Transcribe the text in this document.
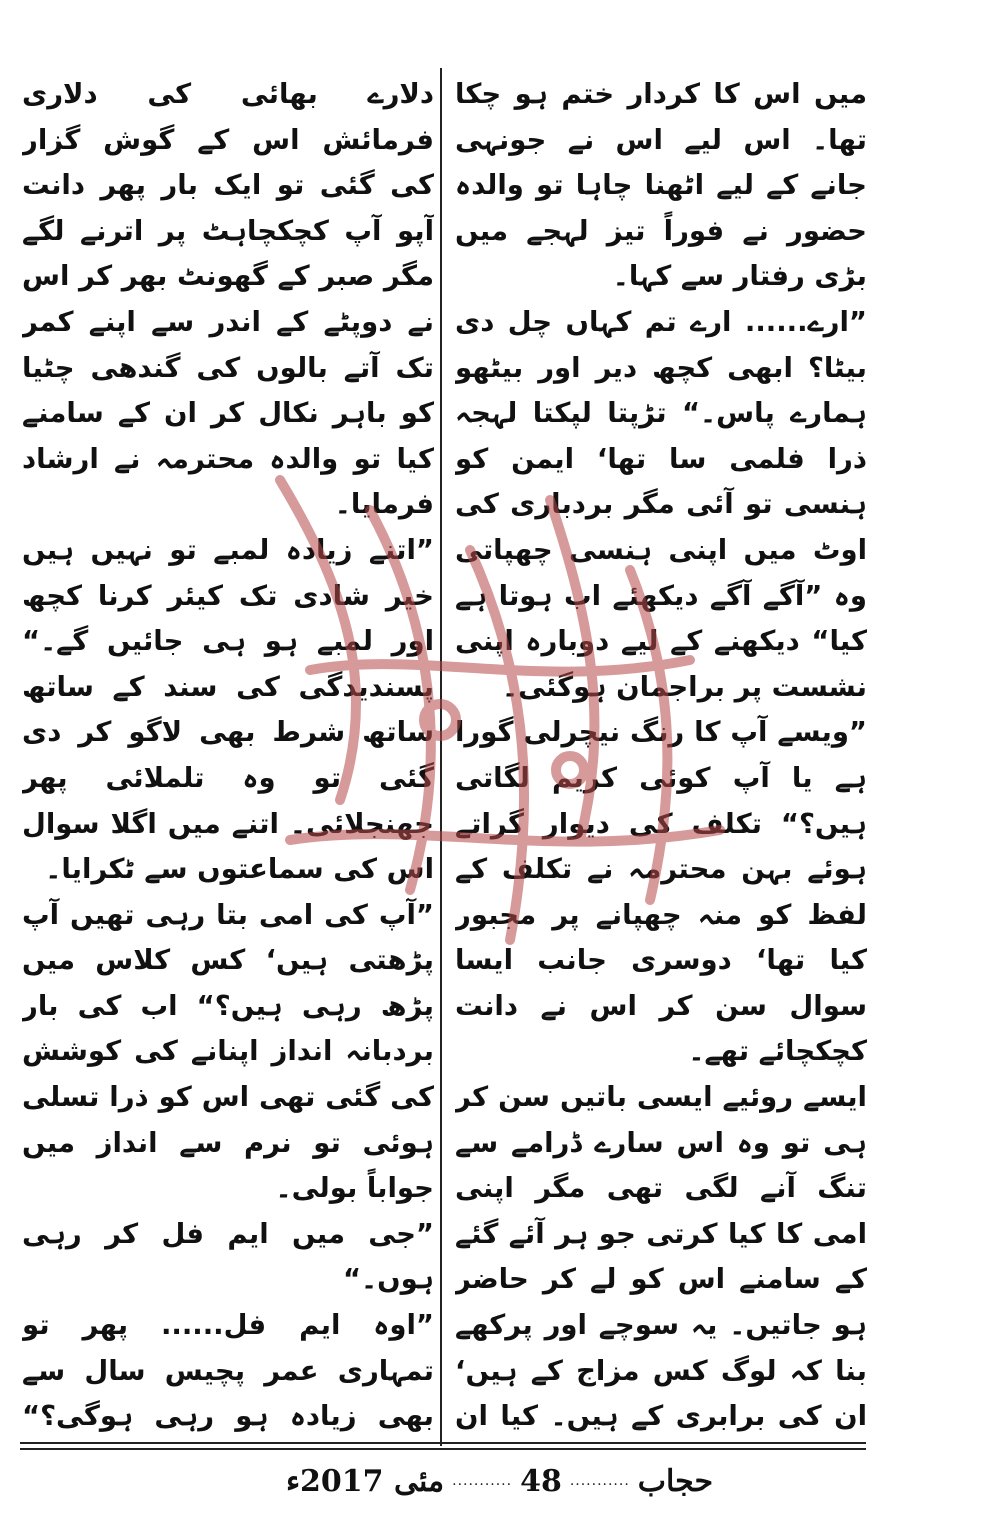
میں اس کا کردار ختم ہو چکا تھا۔ اس لیے اس نے جونہی جانے کے لیے اٹھنا چاہا تو والدہ حضور نے فوراً تیز لہجے میں بڑی رفتار سے کہا۔

”ارے...... ارے تم کہاں چل دی بیٹا؟ ابھی کچھ دیر اور بیٹھو ہمارے پاس۔“ تڑپتا لپکتا لہجہ ذرا فلمی سا تھا‘ ایمن کو ہنسی تو آئی مگر بردباری کی اوٹ میں اپنی ہنسی چھپاتی وہ ”آگے آگے دیکھئے اب ہوتا ہے کیا“ دیکھنے کے لیے دوبارہ اپنی نشست پر براجمان ہوگئی۔

”ویسے آپ کا رنگ نیچرلی گورا ہے یا آپ کوئی کریم لگاتی ہیں؟“ تکلف کی دیوار گراتے ہوئے بہن محترمہ نے تکلف کے لفظ کو منہ چھپانے پر مجبور کیا تھا‘ دوسری جانب ایسا سوال سن کر اس نے دانت کچکچائے تھے۔

ایسے روئیے ایسی باتیں سن کر ہی تو وہ اس سارے ڈرامے سے تنگ آنے لگی تھی مگر اپنی امی کا کیا کرتی جو ہر آئے گئے کے سامنے اس کو لے کر حاضر ہو جاتیں۔ یہ سوچے اور پرکھے بنا کہ لوگ کس مزاج کے ہیں‘ ان کی برابری کے ہیں۔ کیا ان

دلارے بھائی کی دلاری فرمائش اس کے گوش گزار کی گئی تو ایک بار پھر دانت آپو آپ کچکچاہٹ پر اترنے لگے مگر صبر کے گھونٹ بھر کر اس نے دوپٹے کے اندر سے اپنے کمر تک آتے بالوں کی گندھی چٹیا کو باہر نکال کر ان کے سامنے کیا تو والدہ محترمہ نے ارشاد فرمایا۔

”اتنے زیادہ لمبے تو نہیں ہیں خیر شادی تک کیئر کرنا کچھ اور لمبے ہو ہی جائیں گے۔“ پسندیدگی کی سند کے ساتھ ساتھ شرط بھی لاگو کر دی گئی تو وہ تلملائی پھر جھنجلائی۔ اتنے میں اگلا سوال اس کی سماعتوں سے ٹکرایا۔

”آپ کی امی بتا رہی تھیں آپ پڑھتی ہیں‘ کس کلاس میں پڑھ رہی ہیں؟“ اب کی بار بردبانہ انداز اپنانے کی کوشش کی گئی تھی اس کو ذرا تسلی ہوئی تو نرم سے انداز میں جواباً بولی۔

”جی میں ایم فل کر رہی ہوں۔“

”اوہ ایم فل...... پھر تو تمہاری عمر پچیس سال سے بھی زیادہ ہو رہی ہوگی؟“

حجاب
...........
48
...........
مئی 2017ء
